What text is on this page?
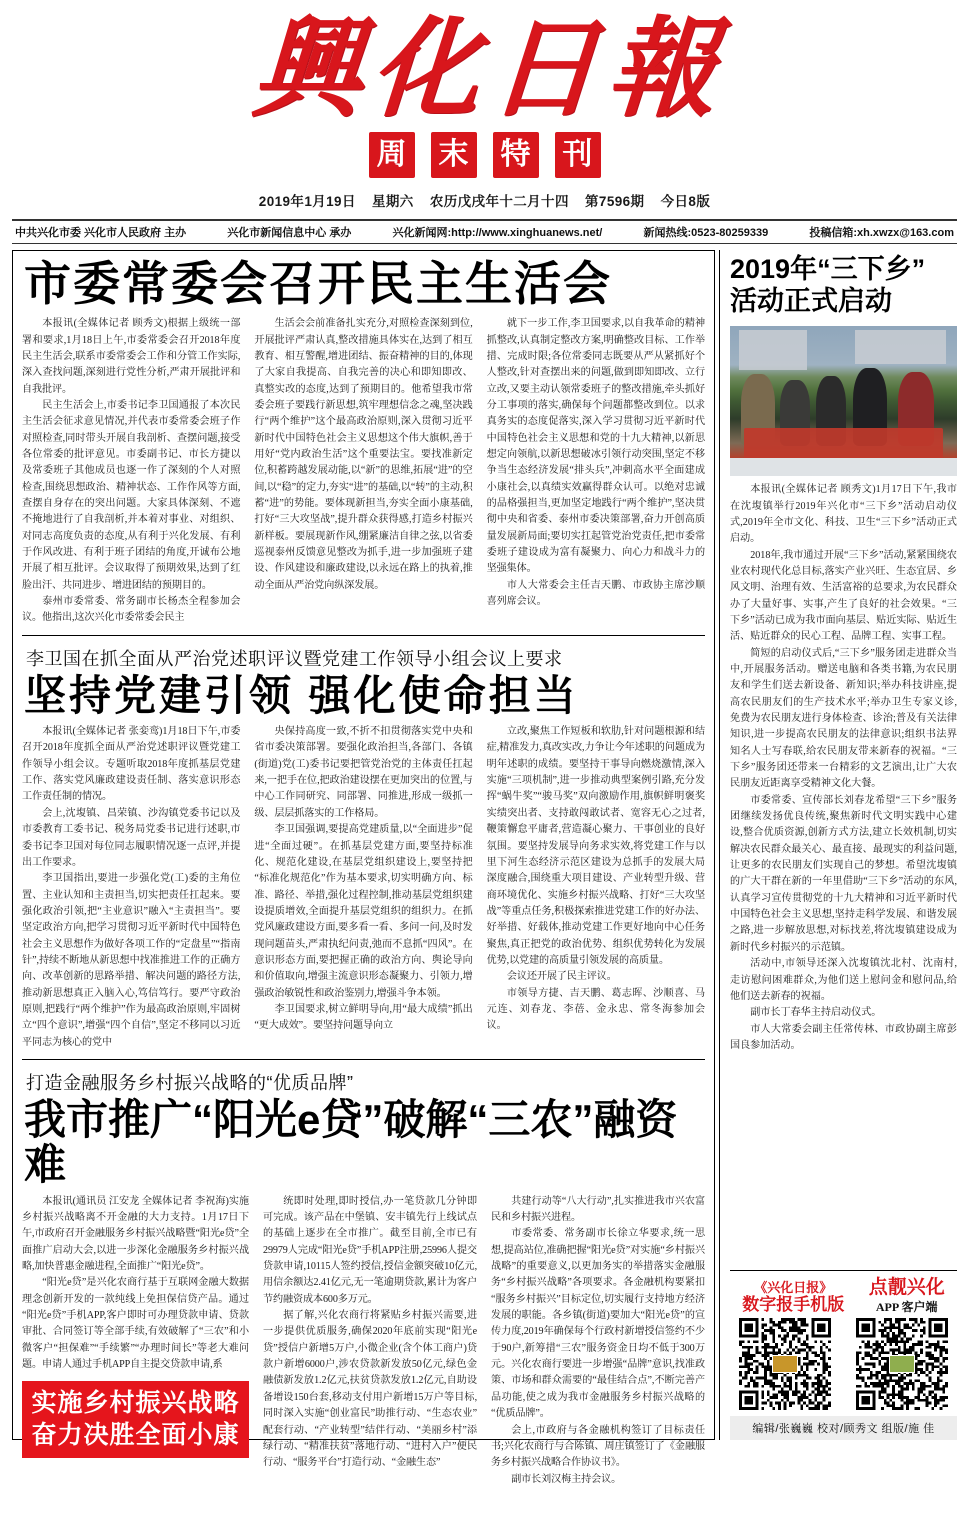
興化日報
周 末 特 刊
2019年1月19日 星期六 农历戊戌年十二月十四 第7596期 今日8版
中共兴化市委 兴化市人民政府 主办	兴化市新闻信息中心 承办	兴化新闻网:http://www.xinghuanews.net/	新闻热线:0523-80259339	投稿信箱:xh.xwzx@163.com
市委常委会召开民主生活会

本报讯(全媒体记者 顾秀文)根据上级统一部署和要求,1月18日上午,市委常委会召开2018年度民主生活会,联系市委常委会工作和分管工作实际,深入查找问题,深刻进行党性分析,严肃开展批评和自我批评。

民主生活会上,市委书记李卫国通报了本次民主生活会征求意见情况,并代表市委常委会班子作对照检查,同时带头开展自我剖析、查摆问题,接受各位常委的批评意见。市委副书记、市长方捷以及常委班子其他成员也逐一作了深刻的个人对照检查,围绕思想政治、精神状态、工作作风等方面,查摆自身存在的突出问题。大家具体深刻、不遮不掩地进行了自我剖析,并本着对事业、对组织、对同志高度负责的态度,从有利于兴化发展、有利于作风改进、有利于班子团结的角度,开诚布公地开展了相互批评。会议取得了预期效果,达到了红脸出汗、共同进步、增进团结的预期目的。

泰州市委常委、常务副市长杨杰全程参加会议。他指出,这次兴化市委常委会民主

生活会会前准备扎实充分,对照检查深刻到位,开展批评严肃认真,整改措施具体实在,达到了相互教育、相互警醒,增进团结、振奋精神的目的,体现了大家自我提高、自我完善的决心和即知即改、真整实改的态度,达到了预期目的。他希望我市常委会班子要践行新思想,筑牢理想信念之魂,坚决践行“两个维护”这个最高政治原则,深入贯彻习近平新时代中国特色社会主义思想这个伟大旗帜,善于用好“党内政治生活”这个重要法宝。要找准新定位,积蓄跨越发展动能,以“新”的思维,拓展“进”的空间,以“稳”的定力,夯实“进”的基础,以“转”的主动,积蓄“进”的势能。要体现新担当,夯实全面小康基础,打好“三大攻坚战”,提升群众获得感,打造乡村振兴新样板。要展现新作风,绷紧廉洁自律之弦,以省委巡视泰州反馈意见整改为抓手,进一步加强班子建设、作风建设和廉政建设,以永远在路上的执着,推动全面从严治党向纵深发展。

就下一步工作,李卫国要求,以自我革命的精神抓整改,认真制定整改方案,明确整改目标、工作举措、完成时限;各位常委同志既要从严从紧抓好个人整改,针对查摆出来的问题,做到即知即改、立行立改,又要主动认领常委班子的整改措施,牵头抓好分工事项的落实,确保每个问题都整改到位。以求真务实的态度促落实,深入学习贯彻习近平新时代中国特色社会主义思想和党的十九大精神,以新思想定向领航,以新思想破冰引领行动突围,坚定不移争当生态经济发展“排头兵”,冲刺高水平全面建成小康社会,以真绩实效赢得群众认可。以绝对忠诚的品格强担当,更加坚定地践行“两个维护”,坚决贯彻中央和省委、泰州市委决策部署,奋力开创高质量发展新局面;要切实扛起管党治党责任,把市委常委班子建设成为富有凝聚力、向心力和战斗力的坚强集体。

市人大常委会主任吉天鹏、市政协主席沙顺喜列席会议。

李卫国在抓全面从严治党述职评议暨党建工作领导小组会议上要求
坚持党建引领 强化使命担当

本报讯(全媒体记者 张娈鸾)1月18日下午,市委召开2018年度抓全面从严治党述职评议暨党建工作领导小组会议。专题听取2018年度抓基层党建工作、落实党风廉政建设责任制、落实意识形态工作责任制的情况。

会上,沈㙏镇、昌荣镇、沙沟镇党委书记以及市委教育工委书记、税务局党委书记进行述职,市委书记李卫国对每位同志履职情况逐一点评,并提出工作要求。

李卫国指出,要进一步强化党(工)委的主角位置、主业认知和主责担当,切实把责任扛起来。要强化政治引领,把“主业意识”融入“主责担当”。要坚定政治方向,把学习贯彻习近平新时代中国特色社会主义思想作为做好各项工作的“定盘星”“指南针”,持续不断地从新思想中找准推进工作的正确方向、改革创新的思路举措、解决问题的路径方法,推动新思想真正入脑入心,笃信笃行。要严守政治原则,把践行“两个维护”作为最高政治原则,牢固树立“四个意识”,增强“四个自信”,坚定不移同以习近平同志为核心的党中

央保持高度一致,不折不扣贯彻落实党中央和省市委决策部署。要强化政治担当,各部门、各镇(街道)党(工)委书记要把管党治党的主体责任扛起来,一把手在位,把政治建设摆在更加突出的位置,与中心工作同研究、同部署、同推进,形成一级抓一级、层层抓落实的工作格局。

李卫国强调,要提高党建质量,以“全面进步”促进“全面过硬”。在抓基层党建方面,要坚持标准化、规范化建设,在基层党组织建设上,要坚持把“标准化规范化”作为基本要求,切实明确方向、标准、路径、举措,强化过程控制,推动基层党组织建设提质增效,全面提升基层党组织的组织力。在抓党风廉政建设方面,要多看一看、多问一问,及时发现问题苗头,严肃执纪问责,弛而不息抓“四风”。在意识形态方面,要把握正确的政治方向、舆论导向和价值取向,增强主流意识形态凝聚力、引领力,增强政治敏锐性和政治鉴别力,增强斗争本领。

李卫国要求,树立鲜明导向,用“最大成绩”抓出“更大成效”。要坚持问题导向立

立改,聚焦工作短板和软肋,针对问题根源和结症,精准发力,真改实改,力争让今年述职的问题成为明年述职的成绩。要坚持干事导向燃烧激情,深入实施“三项机制”,进一步推动典型案例引路,充分发挥“蜗牛奖”“骏马奖”双向激励作用,旗帜鲜明褒奖实绩突出者、支持敢闯敢试者、宽容无心之过者,鞭策懈怠平庸者,营造凝心聚力、干事创业的良好氛围。要坚持发展导向务求实效,将党建工作与以里下河生态经济示范区建设为总抓手的发展大局深度融合,围绕重大项目建设、产业转型升级、营商环境优化、实施乡村振兴战略、打好“三大攻坚战”等重点任务,积极探索推进党建工作的好办法、好举措、好载体,推动党建工作更好地向中心任务聚焦,真正把党的政治优势、组织优势转化为发展优势,以党建的高质量引领发展的高质量。

会议还开展了民主评议。

市领导方捷、吉天鹏、葛志晖、沙顺喜、马元连、刘春龙、李蓓、金永忠、常冬海参加会议。

打造金融服务乡村振兴战略的“优质品牌”
我市推广“阳光e贷”破解“三农”融资难

本报讯(通讯员 江安龙 全媒体记者 李祝海)实施乡村振兴战略离不开金融的大力支持。1月17日下午,市政府召开金融服务乡村振兴战略暨“阳光e贷”全面推广启动大会,以进一步深化金融服务乡村振兴战略,加快普惠金融进程,全面推广“阳光e贷”。

“阳光e贷”是兴化农商行基于互联网金融大数据理念创新开发的一款纯线上免担保信贷产品。通过“阳光e贷”手机APP,客户即时可办理贷款申请、贷款审批、合同签订等全部手续,有效破解了“三农”和小微客户“担保难”“手续繁”“办理时间长”等老大难问题。申请人通过手机APP自主提交贷款申请,系

实施乡村振兴战略
奋力决胜全面小康

统即时处理,即时授信,办一笔贷款几分钟即可完成。该产品在中堡镇、安丰镇先行上线试点的基础上逐步在全市推广。截至目前,全市已有29979人完成“阳光e贷”手机APP注册,25996人提交贷款申请,10115人签约授信,授信金额突破10亿元,用信余额达2.41亿元,无一笔逾期贷款,累计为客户节约融资成本600多万元。

据了解,兴化农商行将紧贴乡村振兴需要,进一步提供优质服务,确保2020年底前实现“阳光e贷”授信户新增5万户,小微企业(含个体工商户)贷款户新增6000户,涉农贷款新发放50亿元,绿色金融债新发放1.2亿元,扶贫贷款发放1.2亿元,自助设备增设150台套,移动支付用户新增15万户等目标,同时深入实施“创业富民”助推行动、“生态农业”配套行动、“产业转型”结伴行动、“美丽乡村”添绿行动、“精准扶贫”落地行动、“进村入户”便民行动、“服务平台”打造行动、“金融生态”

共建行动等“八大行动”,扎实推进我市兴农富民和乡村振兴进程。

市委常委、常务副市长徐立华要求,统一思想,提高站位,准确把握“阳光e贷”对实施“乡村振兴战略”的重要意义,以更加务实的举措落实金融服务“乡村振兴战略”各项要求。各金融机构要紧扣“服务乡村振兴”目标定位,切实履行支持地方经济发展的职能。各乡镇(街道)要加大“阳光e贷”的宣传力度,2019年确保每个行政村新增授信签约不少于90户,新筹措“三农”服务资金日均不低于300万元。兴化农商行要进一步增强“品牌”意识,找准政策、市场和群众需要的“最佳结合点”,不断完善产品功能,使之成为我市金融服务乡村振兴战略的“优质品牌”。

会上,市政府与各金融机构签订了目标责任书;兴化农商行与合陈镇、周庄镇签订了《金融服务乡村振兴战略合作协议书》。

副市长刘汉梅主持会议。

2019年“三下乡”
活动正式启动

本报讯(全媒体记者 顾秀文)1月17日下午,我市在沈㙏镇举行2019年兴化市“三下乡”活动启动仪式,2019年全市文化、科技、卫生“三下乡”活动正式启动。

2018年,我市通过开展“三下乡”活动,紧紧围绕农业农村现代化总目标,落实产业兴旺、生态宜居、乡风文明、治理有效、生活富裕的总要求,为农民群众办了大量好事、实事,产生了良好的社会效果。“三下乡”活动已成为我市面向基层、贴近实际、贴近生活、贴近群众的民心工程、品牌工程、实事工程。

简短的启动仪式后,“三下乡”服务团走进群众当中,开展服务活动。赠送电脑和各类书籍,为农民朋友和学生们送去新设备、新知识;举办科技讲座,提高农民朋友们的生产技术水平;举办卫生专家义诊,免费为农民朋友进行身体检查、诊治;普及有关法律知识,进一步提高农民朋友的法律意识;组织书法界知名人士写春联,给农民朋友带来新春的祝福。“三下乡”服务团还带来一台精彩的文艺演出,让广大农民朋友近距离享受精神文化大餐。

市委常委、宣传部长刘春龙希望“三下乡”服务团继续发扬优良传统,聚焦新时代文明实践中心建设,整合优质资源,创新方式方法,建立长效机制,切实解决农民群众最关心、最直接、最现实的利益问题,让更多的农民朋友们实现自己的梦想。希望沈㙏镇的广大干群在新的一年里借助“三下乡”活动的东风,认真学习宣传贯彻党的十九大精神和习近平新时代中国特色社会主义思想,坚持走科学发展、和谐发展之路,进一步解放思想,对标找差,将沈㙏镇建设成为新时代乡村振兴的示范镇。

活动中,市领导还深入沈㙏镇沈北村、沈南村,走访慰问困难群众,为他们送上慰问金和慰问品,给他们送去新春的祝福。

副市长丁春华主持启动仪式。

市人大常委会副主任常传林、市政协副主席彭国良参加活动。

《兴化日报》
数字报手机版
点靓兴化
APP 客户端
编辑/张巍巍 校对/顾秀文 组版/施 佳
